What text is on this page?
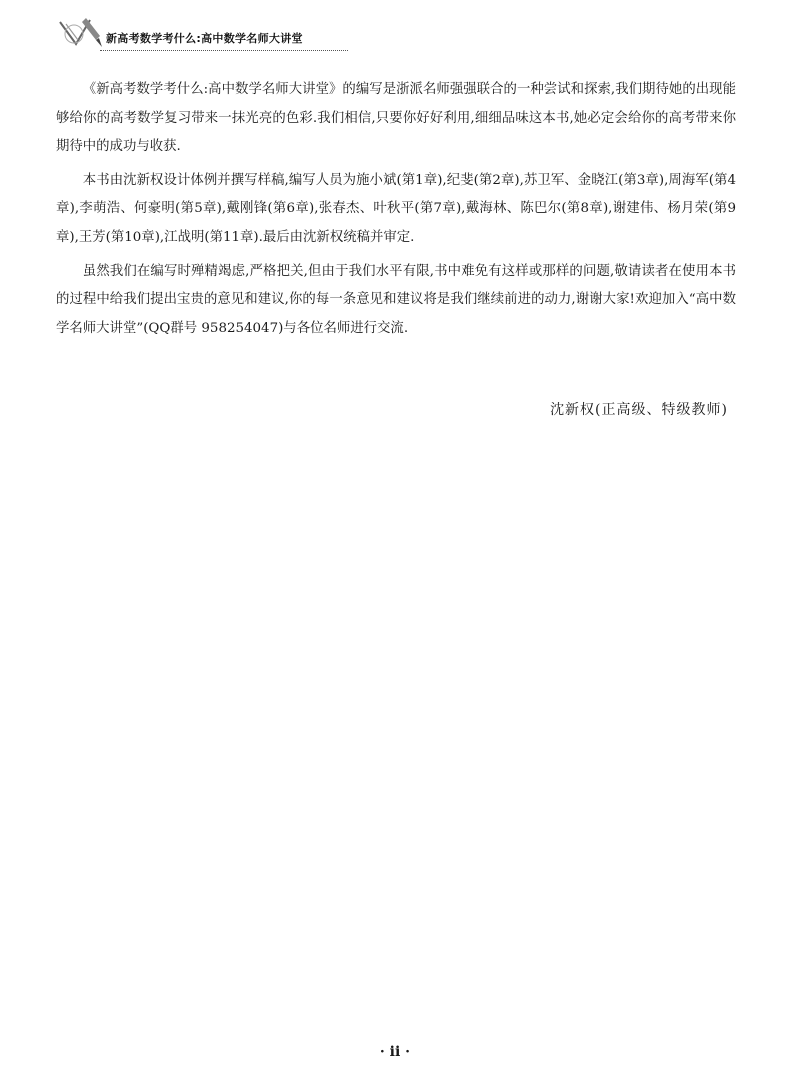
新高考数学考什么:高中数学名师大讲堂

《新高考数学考什么:高中数学名师大讲堂》的编写是浙派名师强强联合的一种尝试和探索,我们期待她的出现能够给你的高考数学复习带来一抹光亮的色彩.我们相信,只要你好好利用,细细品味这本书,她必定会给你的高考带来你期待中的成功与收获.

本书由沈新权设计体例并撰写样稿,编写人员为施小斌(第1章),纪斐(第2章),苏卫军、金晓江(第3章),周海军(第4章),李萌浩、何豪明(第5章),戴刚锋(第6章),张春杰、叶秋平(第7章),戴海林、陈巴尔(第8章),谢建伟、杨月荣(第9章),王芳(第10章),江战明(第11章).最后由沈新权统稿并审定.

虽然我们在编写时殚精竭虑,严格把关,但由于我们水平有限,书中难免有这样或那样的问题,敬请读者在使用本书的过程中给我们提出宝贵的意见和建议,你的每一条意见和建议将是我们继续前进的动力,谢谢大家!欢迎加入“高中数学名师大讲堂”(QQ群号 958254047)与各位名师进行交流.

沈新权(正高级、特级教师)
· ii ·
